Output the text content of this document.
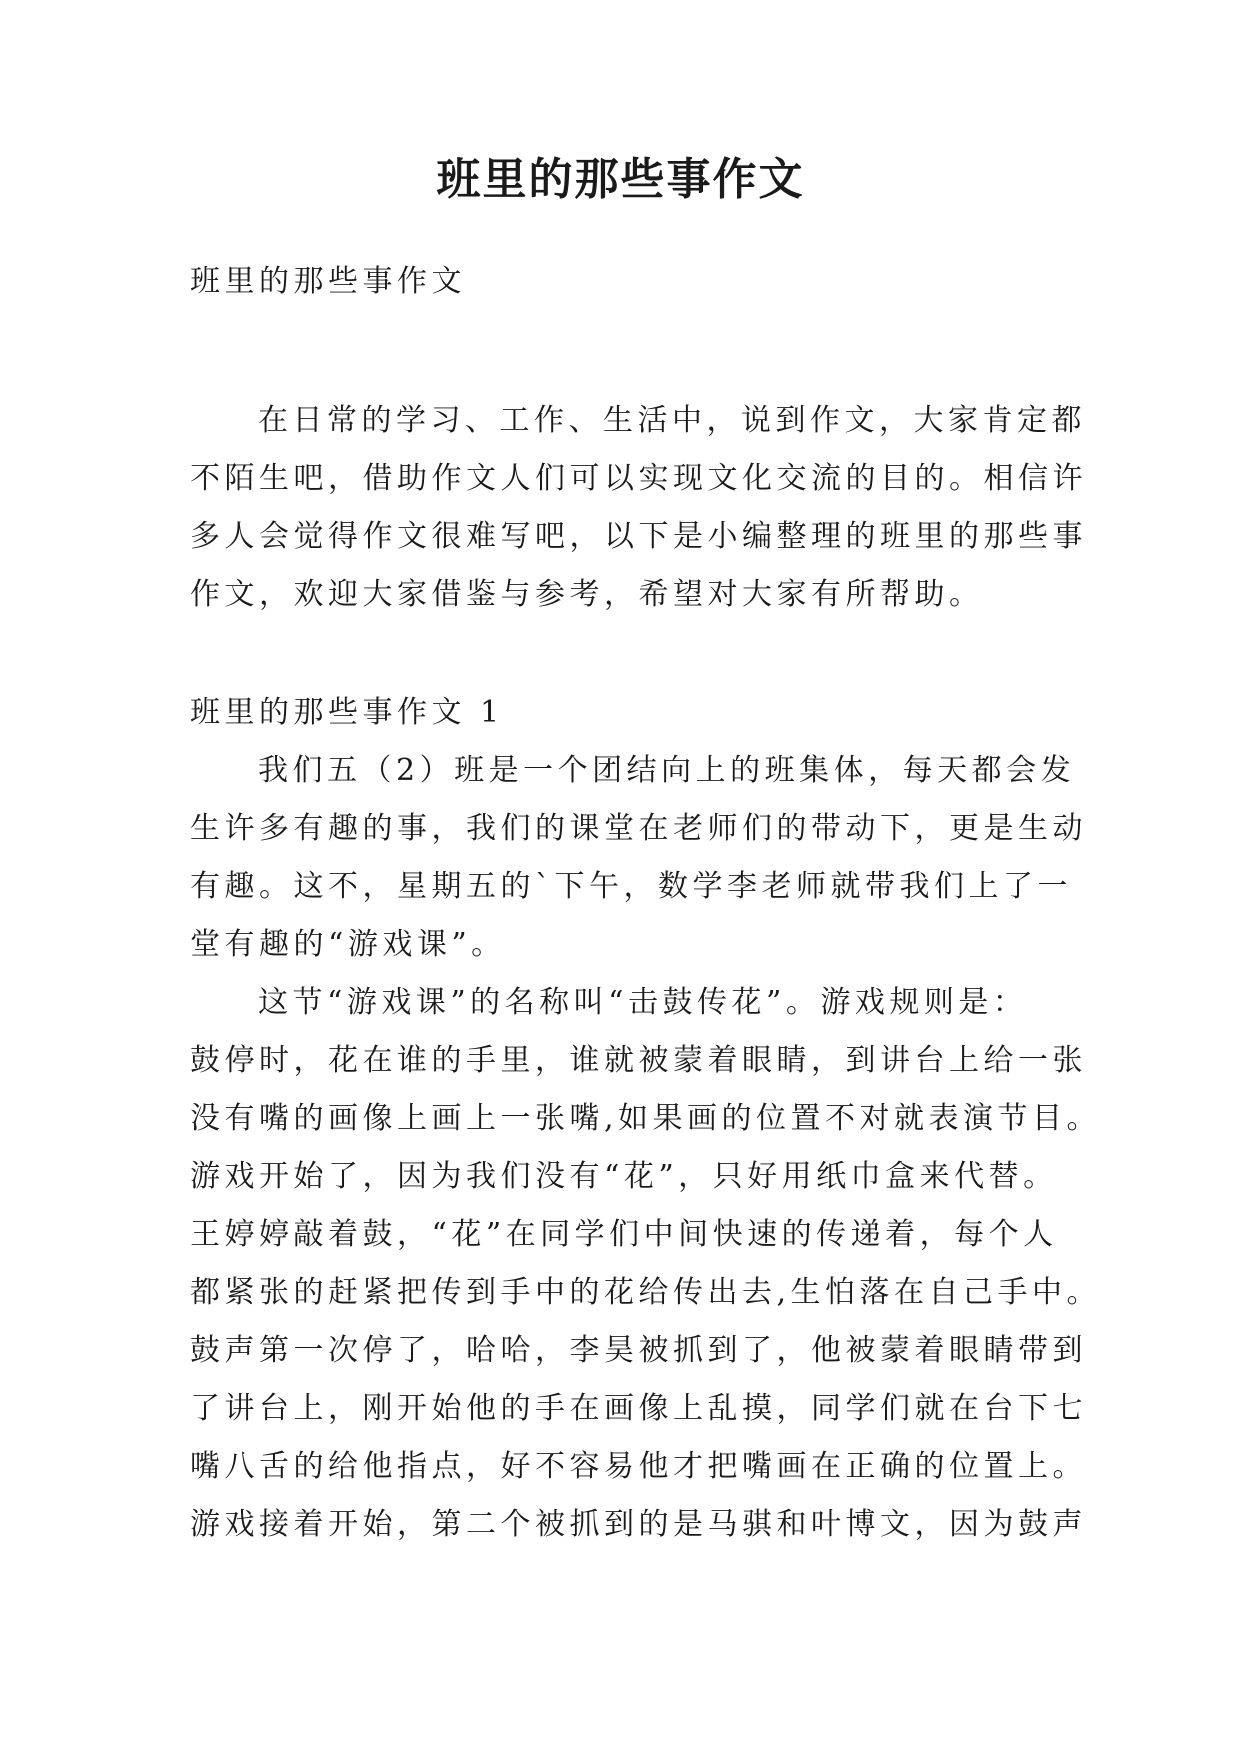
班里的那些事作文
班里的那些事作文
在日常的学习、工作、生活中，说到作文，大家肯定都
不陌生吧，借助作文人们可以实现文化交流的目的。相信许
多人会觉得作文很难写吧，以下是小编整理的班里的那些事
作文，欢迎大家借鉴与参考，希望对大家有所帮助。
班里的那些事作文 1
我们五（2）班是一个团结向上的班集体，每天都会发
生许多有趣的事，我们的课堂在老师们的带动下，更是生动
有趣。这不，星期五的`下午，数学李老师就带我们上了一
堂有趣的“游戏课”。
这节“游戏课”的名称叫“击鼓传花”。游戏规则是：
鼓停时，花在谁的手里，谁就被蒙着眼睛，到讲台上给一张
没有嘴的画像上画上一张嘴,如果画的位置不对就表演节目。
游戏开始了，因为我们没有“花”，只好用纸巾盒来代替。
王婷婷敲着鼓，“花”在同学们中间快速的传递着，每个人
都紧张的赶紧把传到手中的花给传出去,生怕落在自己手中。
鼓声第一次停了，哈哈，李昊被抓到了，他被蒙着眼睛带到
了讲台上，刚开始他的手在画像上乱摸，同学们就在台下七
嘴八舌的给他指点，好不容易他才把嘴画在正确的位置上。
游戏接着开始，第二个被抓到的是马骐和叶博文，因为鼓声
